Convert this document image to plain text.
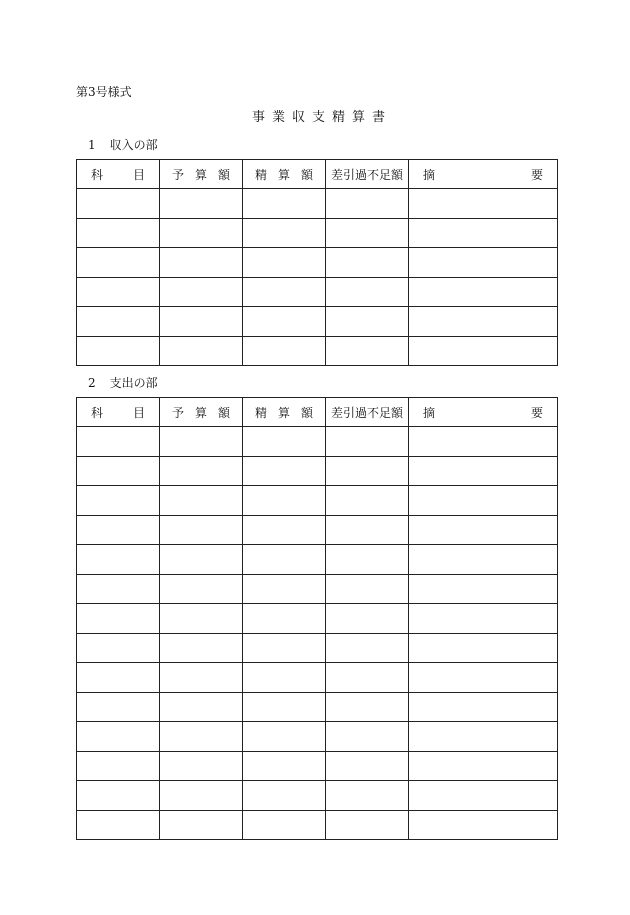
第3号様式
事業収支精算書
1 収入の部
科 目	予 算 額	精 算 額	差引過不足額	摘 要

2 支出の部
科 目	予 算 額	精 算 額	差引過不足額	摘 要
